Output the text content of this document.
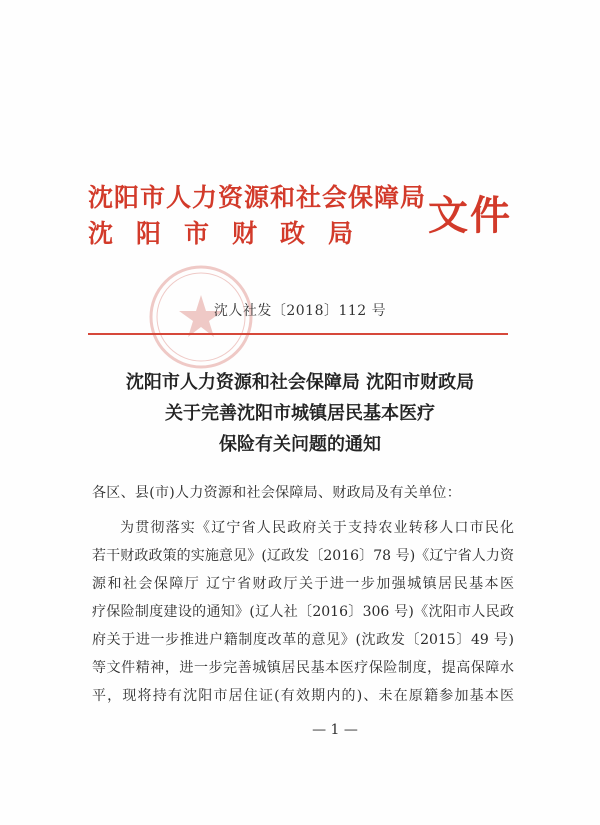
沈阳市人力资源和社会保障局
沈阳市财政局 文件
沈人社发〔2018〕112 号
沈阳市人力资源和社会保障局 沈阳市财政局
关于完善沈阳市城镇居民基本医疗
保险有关问题的通知
各区、县(市)人力资源和社会保障局、财政局及有关单位：
为贯彻落实《辽宁省人民政府关于支持农业转移人口市民化
若干财政政策的实施意见》(辽政发〔2016〕78 号)《辽宁省人力资
源和社会保障厅 辽宁省财政厅关于进一步加强城镇居民基本医
疗保险制度建设的通知》(辽人社〔2016〕306 号)《沈阳市人民政
府关于进一步推进户籍制度改革的意见》(沈政发〔2015〕49 号)
等文件精神，进一步完善城镇居民基本医疗保险制度，提高保障水
平，现将持有沈阳市居住证(有效期内的)、未在原籍参加基本医
— 1 —
